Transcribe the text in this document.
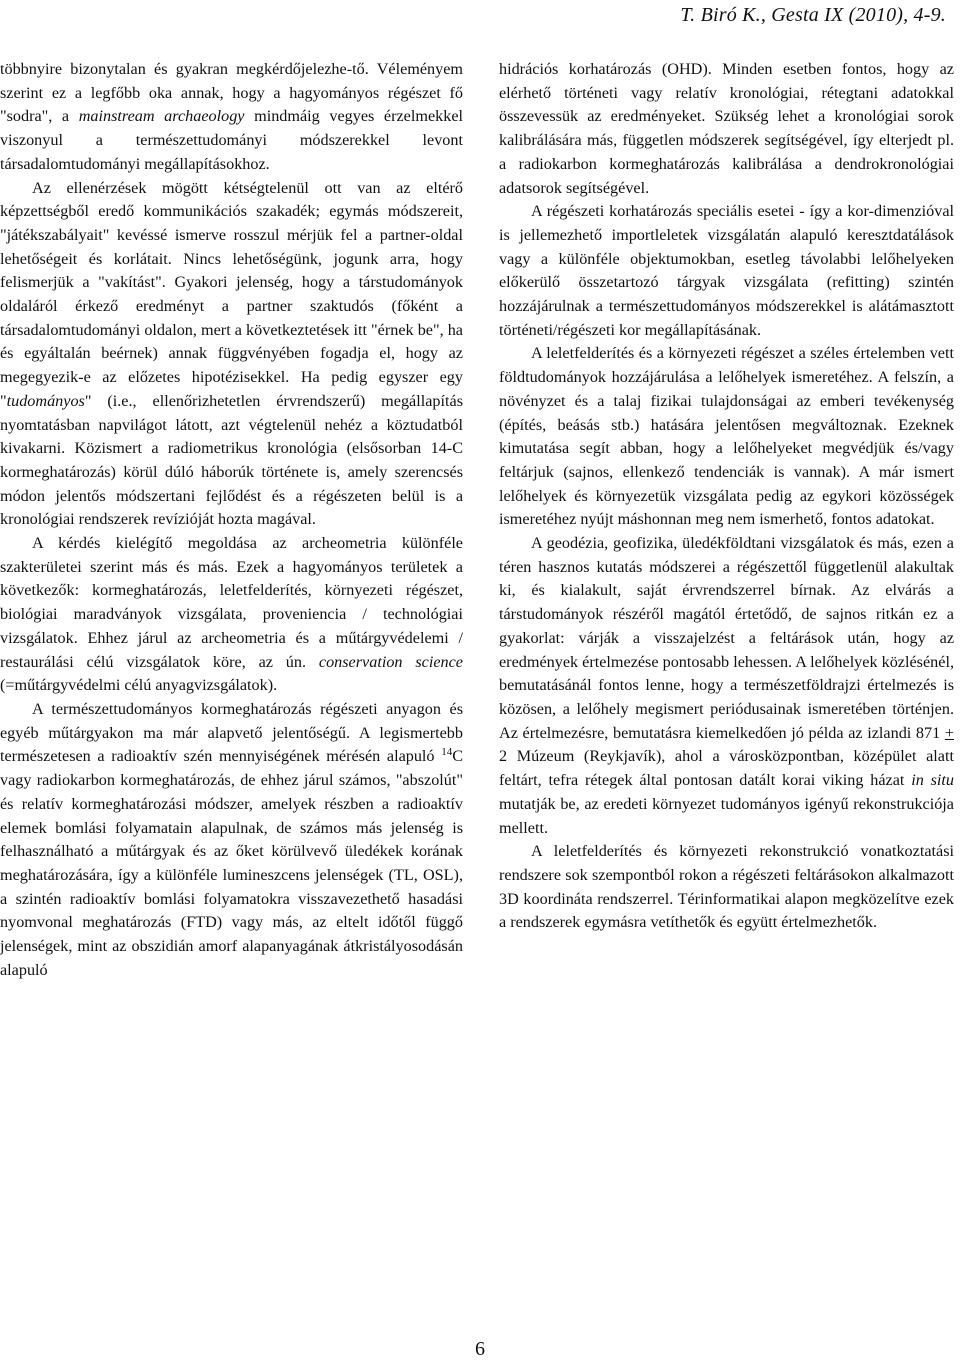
T. Biró K., Gesta IX (2010), 4-9.

többnyire bizonytalan és gyakran megkérdőjelezhe-tő. Véleményem szerint ez a legfőbb oka annak, hogy a hagyományos régészet fő "sodra", a mainstream archaeology mindmáig vegyes érzelmekkel viszonyul a természettudományi módszerekkel levont társadalomtudományi megállapításokhoz.

Az ellenérzések mögött kétségtelenül ott van az eltérő képzettségből eredő kommunikációs szakadék; egymás módszereit, "játékszabályait" kevéssé ismerve rosszul mérjük fel a partner-oldal lehetőségeit és korlátait. Nincs lehetőségünk, jogunk arra, hogy felismerjük a "vakítást". Gyakori jelenség, hogy a társtudományok oldaláról érkező eredményt a partner szaktudós (főként a társadalomtudományi oldalon, mert a következtetések itt "érnek be", ha és egyáltalán beérnek) annak függvényében fogadja el, hogy az megegyezik-e az előzetes hipotézisekkel. Ha pedig egyszer egy "tudományos" (i.e., ellenőrizhetetlen érvrendszerű) megállapítás nyomtatásban napvilágot látott, azt végtelenül nehéz a köztudatból kivakarni. Közismert a radiometrikus kronológia (elsősorban 14-C kormeghatározás) körül dúló háborúk története is, amely szerencsés módon jelentős módszertani fejlődést és a régészeten belül is a kronológiai rendszerek revízióját hozta magával.

A kérdés kielégítő megoldása az archeometria különféle szakterületei szerint más és más. Ezek a hagyományos területek a következők: kormeghatározás, leletfelderítés, környezeti régészet, biológiai maradványok vizsgálata, proveniencia / technológiai vizsgálatok. Ehhez járul az archeometria és a műtárgyvédelemi / restaurálási célú vizsgálatok köre, az ún. conservation science (=műtárgyvédelmi célú anyagvizsgálatok).

A természettudományos kormeghatározás régészeti anyagon és egyéb műtárgyakon ma már alapvető jelentőségű. A legismertebb természetesen a radioaktív szén mennyiségének mérésén alapuló $^{14}$C vagy radiokarbon kormeghatározás, de ehhez járul számos, "abszolút" és relatív kormeghatározási módszer, amelyek részben a radioaktív elemek bomlási folyamatain alapulnak, de számos más jelenség is felhasználható a műtárgyak és az őket körülvevő üledékek korának meghatározására, így a különféle lumineszcens jelenségek (TL, OSL), a szintén radioaktív bomlási folyamatokra visszavezethető hasadási nyomvonal meghatározás (FTD) vagy más, az eltelt időtől függő jelenségek, mint az obszidián amorf alapanyagának átkristályosodásán alapuló

hidrációs korhatározás (OHD). Minden esetben fontos, hogy az elérhető történeti vagy relatív kronológiai, rétegtani adatokkal összevessük az eredményeket. Szükség lehet a kronológiai sorok kalibrálására más, független módszerek segítségével, így elterjedt pl. a radiokarbon kormeghatározás kalibrálása a dendrokronológiai adatsorok segítségével.

A régészeti korhatározás speciális esetei - így a kor-dimenzióval is jellemezhető importleletek vizsgálatán alapuló keresztdatálások vagy a különféle objektumokban, esetleg távolabbi lelőhelyeken előkerülő összetartozó tárgyak vizsgálata (refitting) szintén hozzájárulnak a természettudományos módszerekkel is alátámasztott történeti/régészeti kor megállapításának.

A leletfelderítés és a környezeti régészet a széles értelemben vett földtudományok hozzájárulása a lelőhelyek ismeretéhez. A felszín, a növényzet és a talaj fizikai tulajdonságai az emberi tevékenység (építés, beásás stb.) hatására jelentősen megváltoznak. Ezeknek kimutatása segít abban, hogy a lelőhelyeket megvédjük és/vagy feltárjuk (sajnos, ellenkező tendenciák is vannak). A már ismert lelőhelyek és környezetük vizsgálata pedig az egykori közösségek ismeretéhez nyújt máshonnan meg nem ismerhető, fontos adatokat.

A geodézia, geofizika, üledékföldtani vizsgálatok és más, ezen a téren hasznos kutatás módszerei a régészettől függetlenül alakultak ki, és kialakult, saját érvrendszerrel bírnak. Az elvárás a társtudományok részéről magától értetődő, de sajnos ritkán ez a gyakorlat: várják a visszajelzést a feltárások után, hogy az eredmények értelmezése pontosabb lehessen. A lelőhelyek közlésénél, bemutatásánál fontos lenne, hogy a természetföldrajzi értelmezés is közösen, a lelőhely megismert periódusainak ismeretében történjen. Az értelmezésre, bemutatásra kiemelkedően jó példa az izlandi 871 + 2 Múzeum (Reykjavík), ahol a városközpontban, középület alatt feltárt, tefra rétegek által pontosan datált korai viking házat in situ mutatják be, az eredeti környezet tudományos igényű rekonstrukciója mellett.

A leletfelderítés és környezeti rekonstrukció vonatkoztatási rendszere sok szempontból rokon a régészeti feltárásokon alkalmazott 3D koordináta rendszerrel. Térinformatikai alapon megközelítve ezek a rendszerek egymásra vetíthetők és együtt értelmezhetők.

6
